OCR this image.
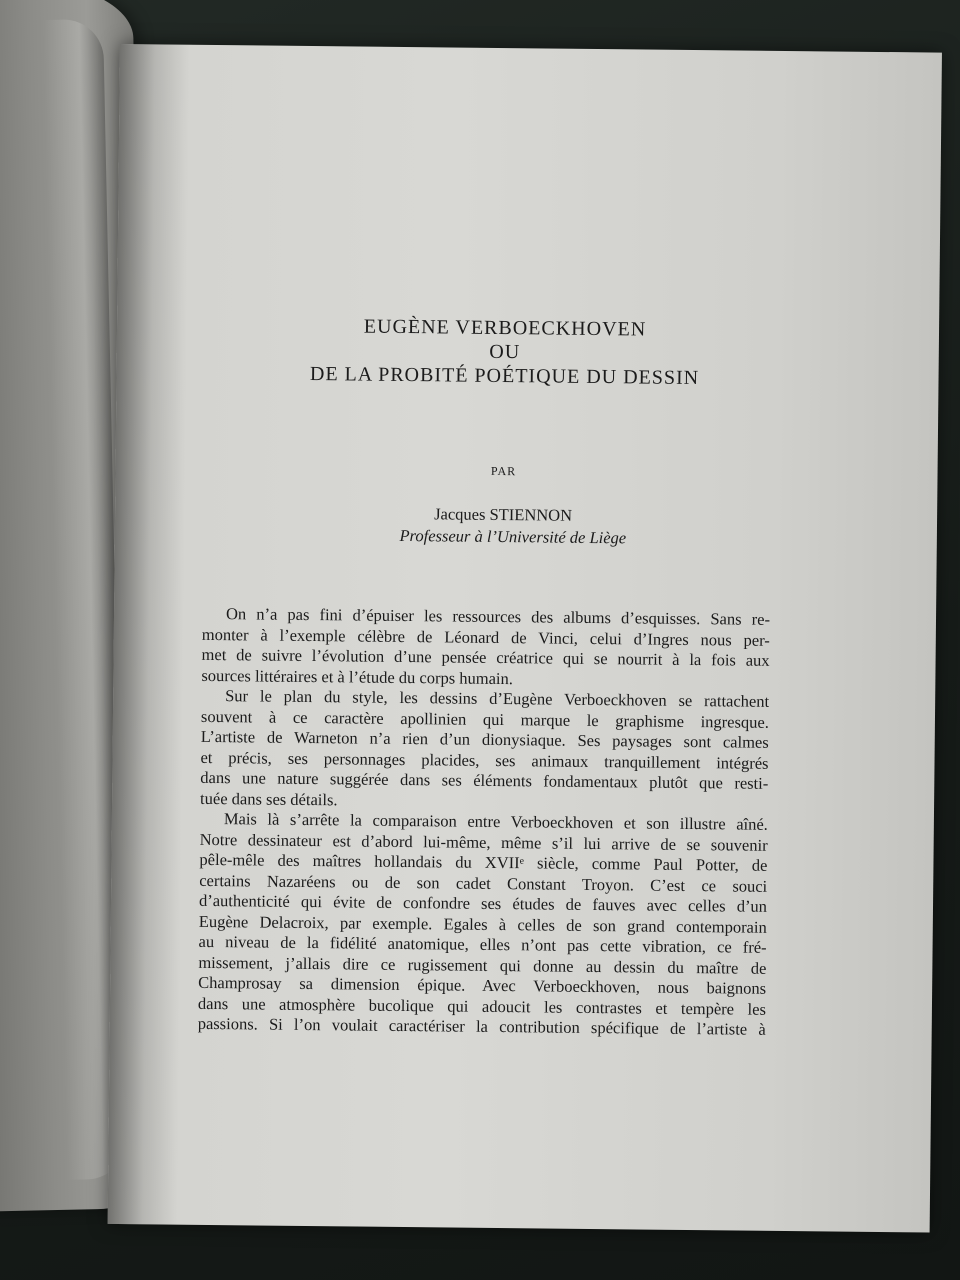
EUGÈNE VERBOECKHOVEN
OU
DE LA PROBITÉ POÉTIQUE DU DESSIN
PAR
Jacques STIENNON
Professeur à l’Université de Liège
On n’a pas fini d’épuiser les ressources des albums d’esquisses. Sans re-
monter à l’exemple célèbre de Léonard de Vinci, celui d’Ingres nous per-
met de suivre l’évolution d’une pensée créatrice qui se nourrit à la fois aux
sources littéraires et à l’étude du corps humain.
Sur le plan du style, les dessins d’Eugène Verboeckhoven se rattachent
souvent à ce caractère apollinien qui marque le graphisme ingresque.
L’artiste de Warneton n’a rien d’un dionysiaque. Ses paysages sont calmes
et précis, ses personnages placides, ses animaux tranquillement intégrés
dans une nature suggérée dans ses éléments fondamentaux plutôt que resti-
tuée dans ses détails.
Mais là s’arrête la comparaison entre Verboeckhoven et son illustre aîné.
Notre dessinateur est d’abord lui-même, même s’il lui arrive de se souvenir
pêle-mêle des maîtres hollandais du XVIIᵉ siècle, comme Paul Potter, de
certains Nazaréens ou de son cadet Constant Troyon. C’est ce souci
d’authenticité qui évite de confondre ses études de fauves avec celles d’un
Eugène Delacroix, par exemple. Egales à celles de son grand contemporain
au niveau de la fidélité anatomique, elles n’ont pas cette vibration, ce fré-
missement, j’allais dire ce rugissement qui donne au dessin du maître de
Champrosay sa dimension épique. Avec Verboeckhoven, nous baignons
dans une atmosphère bucolique qui adoucit les contrastes et tempère les
passions. Si l’on voulait caractériser la contribution spécifique de l’artiste à
